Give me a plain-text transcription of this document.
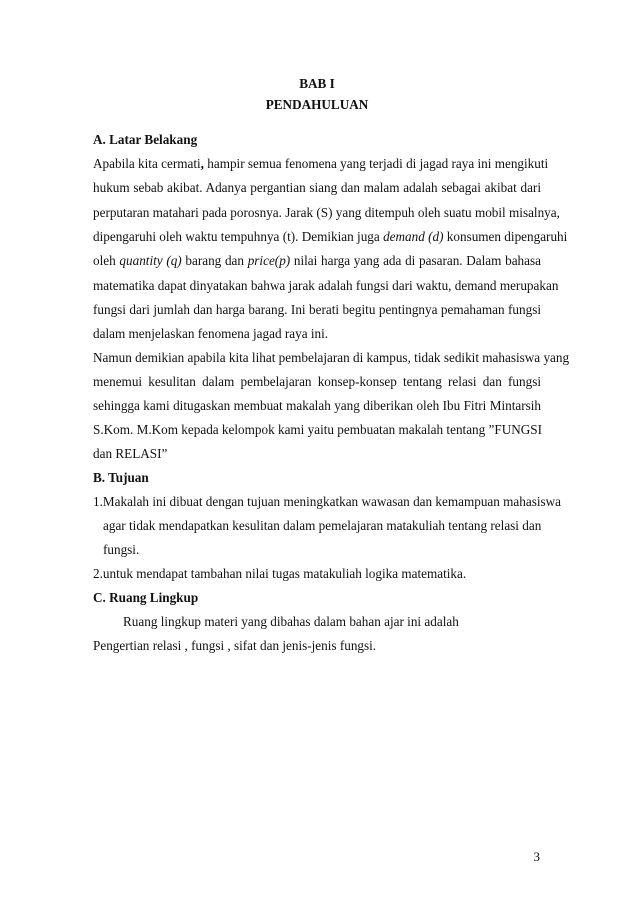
BAB I
PENDAHULUAN
A. Latar Belakang
Apabila kita cermati, hampir semua fenomena yang terjadi di jagad raya ini mengikuti
hukum sebab akibat. Adanya pergantian siang dan malam adalah sebagai akibat dari
perputaran matahari pada porosnya. Jarak (S) yang ditempuh oleh suatu mobil misalnya,
dipengaruhi oleh waktu tempuhnya (t). Demikian juga demand (d) konsumen dipengaruhi
oleh quantity (q) barang dan price(p) nilai harga yang ada di pasaran. Dalam bahasa
matematika dapat dinyatakan bahwa jarak adalah fungsi dari waktu, demand merupakan
fungsi dari jumlah dan harga barang. Ini berati begitu pentingnya pemahaman fungsi
dalam menjelaskan fenomena jagad raya ini.
Namun demikian apabila kita lihat pembelajaran di kampus, tidak sedikit mahasiswa yang
menemui kesulitan dalam pembelajaran konsep-konsep tentang relasi dan fungsi
sehingga kami ditugaskan membuat makalah yang diberikan oleh Ibu Fitri Mintarsih
S.Kom. M.Kom kepada kelompok kami yaitu pembuatan makalah tentang ”FUNGSI
dan RELASI”
B. Tujuan
1.Makalah ini dibuat dengan tujuan meningkatkan wawasan dan kemampuan mahasiswa
agar tidak mendapatkan kesulitan dalam pemelajaran matakuliah tentang relasi dan
fungsi.
2.untuk mendapat tambahan nilai tugas matakuliah logika matematika.
C. Ruang Lingkup
Ruang lingkup materi yang dibahas dalam bahan ajar ini adalah
Pengertian relasi , fungsi , sifat dan jenis-jenis fungsi.
3
